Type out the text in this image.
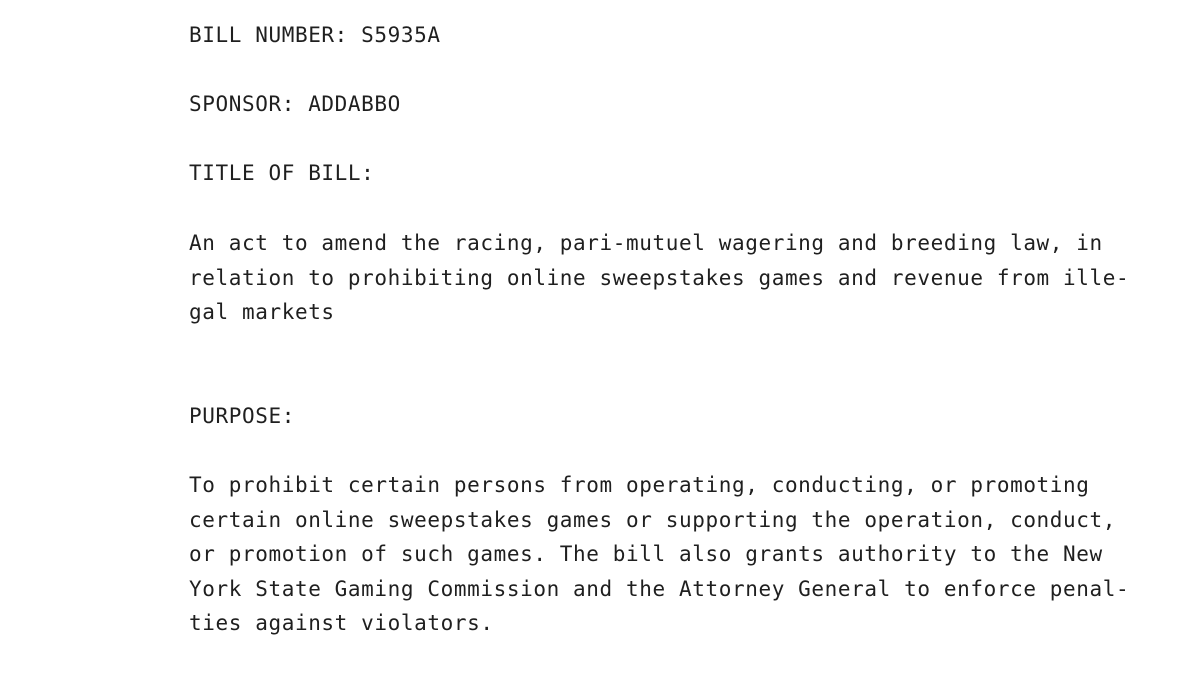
BILL NUMBER: S5935A
SPONSOR: ADDABBO
TITLE OF BILL:
An act to amend the racing, pari-mutuel wagering and breeding law, in
relation to prohibiting online sweepstakes games and revenue from ille-
gal markets
PURPOSE:
To prohibit certain persons from operating, conducting, or promoting
certain online sweepstakes games or supporting the operation, conduct,
or promotion of such games. The bill also grants authority to the New
York State Gaming Commission and the Attorney General to enforce penal-
ties against violators.
